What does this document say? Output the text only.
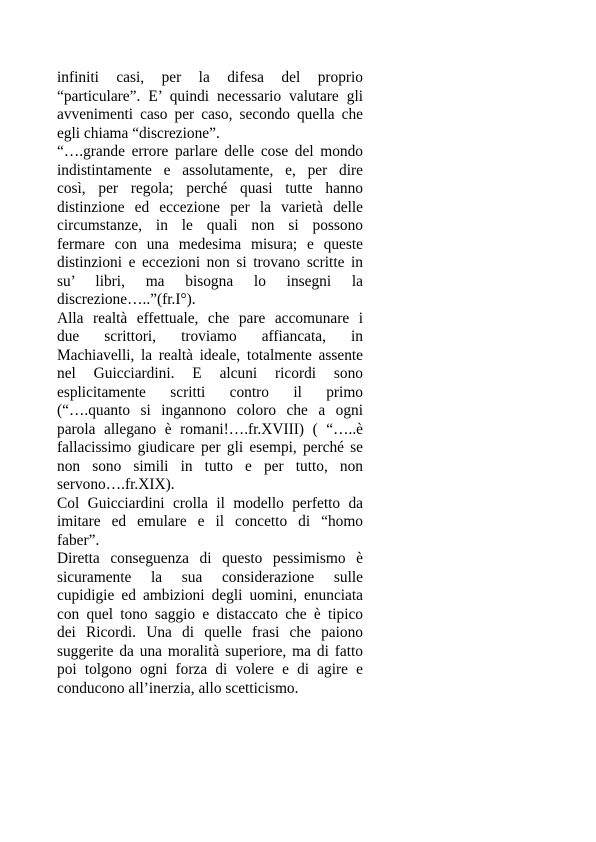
infiniti casi, per la difesa del proprio
“particulare”. E’ quindi necessario valutare gli
avvenimenti caso per caso, secondo quella che
egli chiama “discrezione”.
“….grande errore parlare delle cose del mondo
indistintamente e assolutamente, e, per dire
così, per regola; perché quasi tutte hanno
distinzione ed eccezione per la varietà delle
circumstanze, in le quali non si possono
fermare con una medesima misura; e queste
distinzioni e eccezioni non si trovano scritte in
su’ libri, ma bisogna lo insegni la
discrezione…..”(fr.I°).
Alla realtà effettuale, che pare accomunare i
due scrittori, troviamo affiancata, in
Machiavelli, la realtà ideale, totalmente assente
nel Guicciardini. E alcuni ricordi sono
esplicitamente scritti contro il primo
(“….quanto si ingannono coloro che a ogni
parola allegano è romani!….fr.XVIII) ( “…..è
fallacissimo giudicare per gli esempi, perché se
non sono simili in tutto e per tutto, non
servono….fr.XIX).
Col Guicciardini crolla il modello perfetto da
imitare ed emulare e il concetto di “homo
faber”.
Diretta conseguenza di questo pessimismo è
sicuramente la sua considerazione sulle
cupidigie ed ambizioni degli uomini, enunciata
con quel tono saggio e distaccato che è tipico
dei Ricordi. Una di quelle frasi che paiono
suggerite da una moralità superiore, ma di fatto
poi tolgono ogni forza di volere e di agire e
conducono all’inerzia, allo scetticismo.
